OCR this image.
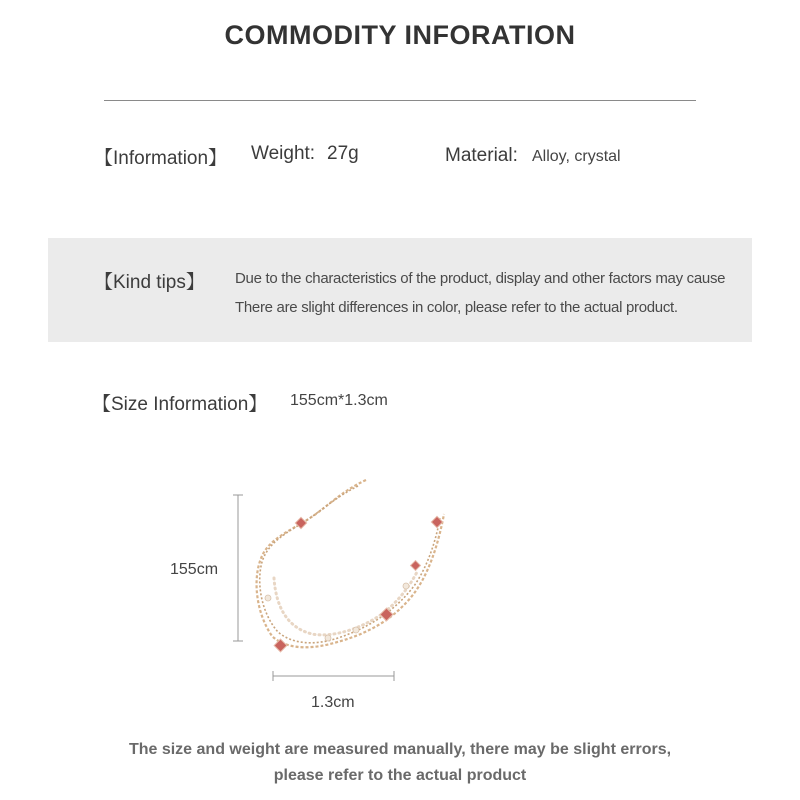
COMMODITY INFORATION
【Information】 Weight: 27g	Material: Alloy, crystal
【Kind tips】 Due to the characteristics of the product, display and other factors may cause
There are slight differences in color, please refer to the actual product.
【Size Information】 155cm*1.3cm
155cm
1.3cm
The size and weight are measured manually, there may be slight errors,
please refer to the actual product
